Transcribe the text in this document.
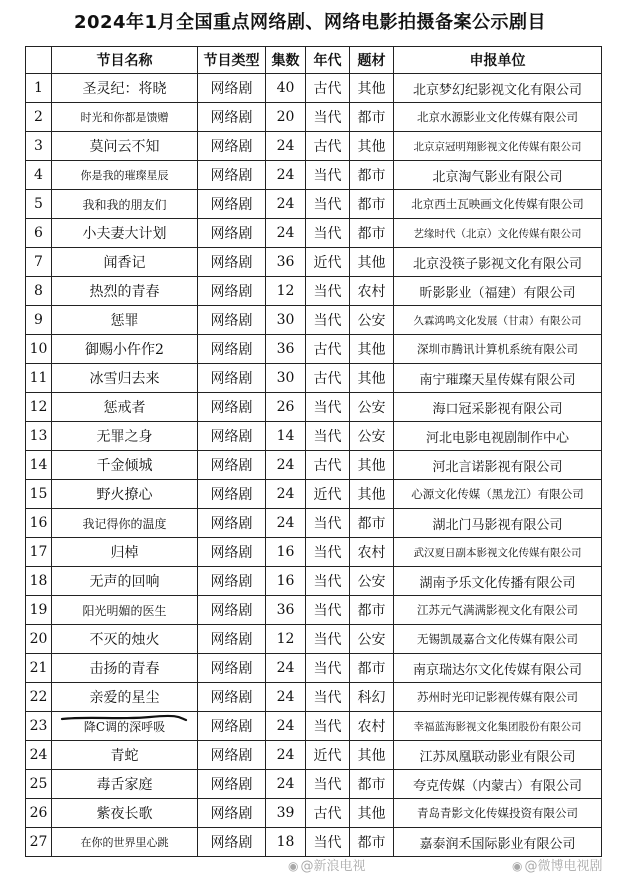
2024年1月全国重点网络剧、网络电影拍摄备案公示剧目
	节目名称	节目类型	集数	年代	题材	申报单位
1	圣灵纪：将晓	网络剧	40	古代	其他	北京梦幻纪影视文化有限公司
2	时光和你都是馈赠	网络剧	20	当代	都市	北京水源影业文化传媒有限公司
3	莫问云不知	网络剧	24	古代	其他	北京京冠明翔影视文化传媒有限公司
4	你是我的璀璨星辰	网络剧	24	当代	都市	北京淘气影业有限公司
5	我和我的朋友们	网络剧	24	当代	都市	北京西土瓦映画文化传媒有限公司
6	小夫妻大计划	网络剧	24	当代	都市	艺缘时代（北京）文化传媒有限公司
7	闻香记	网络剧	36	近代	其他	北京没筷子影视文化有限公司
8	热烈的青春	网络剧	12	当代	农村	昕影影业（福建）有限公司
9	惩罪	网络剧	30	当代	公安	久霖鸿鸣文化发展（甘肃）有限公司
10	御赐小仵作2	网络剧	36	古代	其他	深圳市腾讯计算机系统有限公司
11	冰雪归去来	网络剧	30	古代	其他	南宁璀璨天星传媒有限公司
12	惩戒者	网络剧	26	当代	公安	海口冠采影视有限公司
13	无罪之身	网络剧	14	当代	公安	河北电影电视剧制作中心
14	千金倾城	网络剧	24	古代	其他	河北言诺影视有限公司
15	野火撩心	网络剧	24	近代	其他	心源文化传媒（黑龙江）有限公司
16	我记得你的温度	网络剧	24	当代	都市	湖北门马影视有限公司
17	归棹	网络剧	16	当代	农村	武汉夏日副本影视文化传媒有限公司
18	无声的回响	网络剧	16	当代	公安	湖南予乐文化传播有限公司
19	阳光明媚的医生	网络剧	36	当代	都市	江苏元气满满影视文化有限公司
20	不灭的烛火	网络剧	12	当代	公安	无锡凯晟嘉合文化传媒有限公司
21	击扬的青春	网络剧	24	当代	都市	南京瑞达尔文化传媒有限公司
22	亲爱的星尘	网络剧	24	当代	科幻	苏州时光印记影视传媒有限公司
23	降C调的深呼吸	网络剧	24	当代	农村	幸福蓝海影视文化集团股份有限公司
24	青蛇	网络剧	24	近代	其他	江苏凤凰联动影业有限公司
25	毒舌家庭	网络剧	24	当代	都市	夸克传媒（内蒙古）有限公司
26	紫夜长歌	网络剧	39	古代	其他	青岛青影文化传媒投资有限公司
27	在你的世界里心跳	网络剧	18	当代	都市	嘉泰润禾国际影业有限公司
◉ @新浪电视	◉ @微博电视剧
